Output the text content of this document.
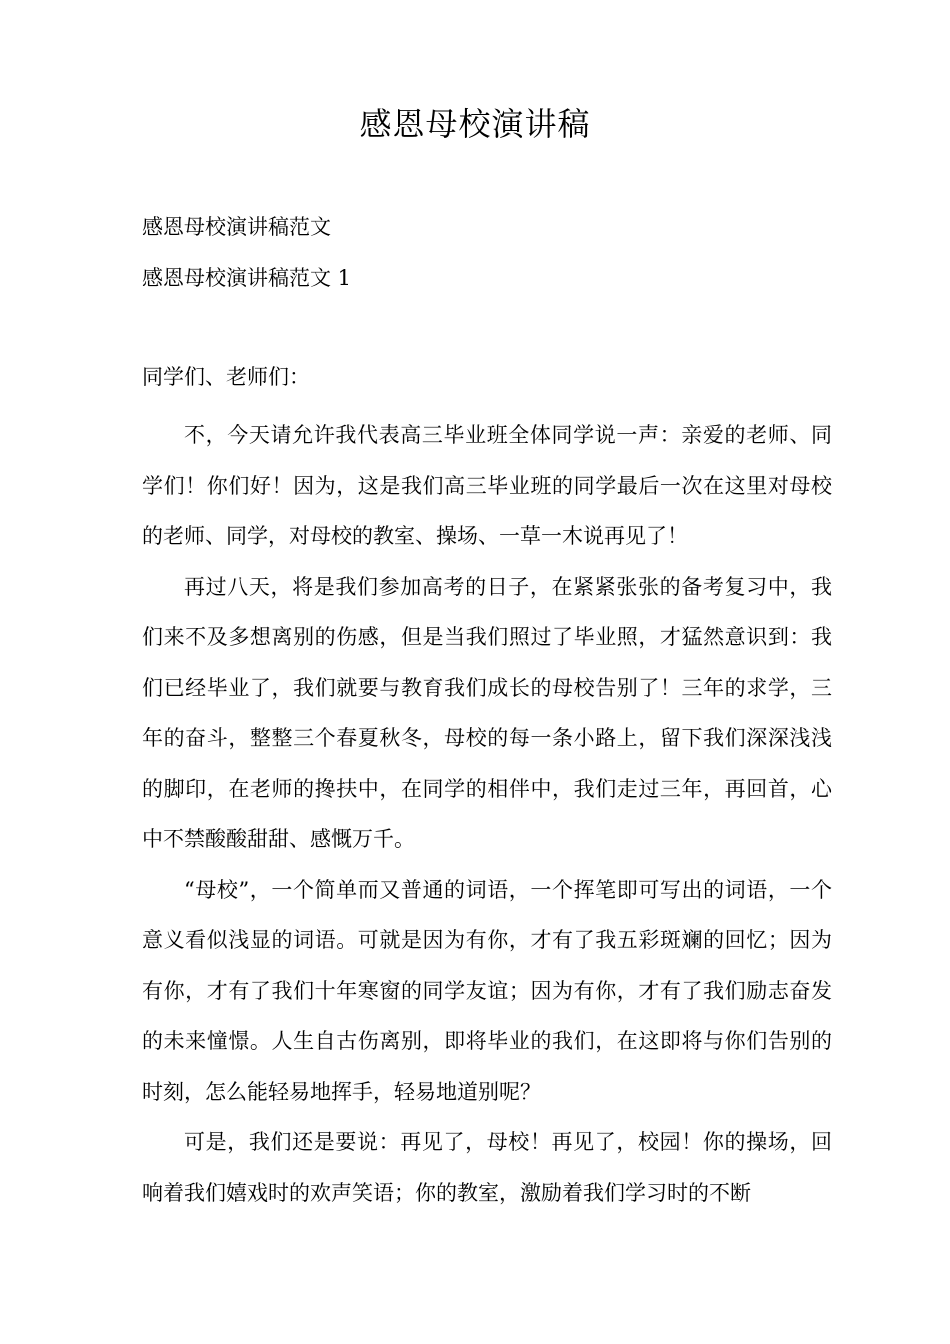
感恩母校演讲稿

感恩母校演讲稿范文

感恩母校演讲稿范文 1

同学们、老师们：

不，今天请允许我代表高三毕业班全体同学说一声：亲爱的老师、同学们！你们好！因为，这是我们高三毕业班的同学最后一次在这里对母校的老师、同学，对母校的教室、操场、一草一木说再见了！

再过八天，将是我们参加高考的日子，在紧紧张张的备考复习中，我们来不及多想离别的伤感，但是当我们照过了毕业照，才猛然意识到：我们已经毕业了，我们就要与教育我们成长的母校告别了！三年的求学，三年的奋斗，整整三个春夏秋冬，母校的每一条小路上，留下我们深深浅浅的脚印，在老师的搀扶中，在同学的相伴中，我们走过三年，再回首，心中不禁酸酸甜甜、感慨万千。

“母校”，一个简单而又普通的词语，一个挥笔即可写出的词语，一个意义看似浅显的词语。可就是因为有你，才有了我五彩斑斓的回忆；因为有你，才有了我们十年寒窗的同学友谊；因为有你，才有了我们励志奋发的未来憧憬。人生自古伤离别，即将毕业的我们，在这即将与你们告别的时刻，怎么能轻易地挥手，轻易地道别呢？

可是，我们还是要说：再见了，母校！再见了，校园！你的操场，回响着我们嬉戏时的欢声笑语；你的教室，激励着我们学习时的不断
